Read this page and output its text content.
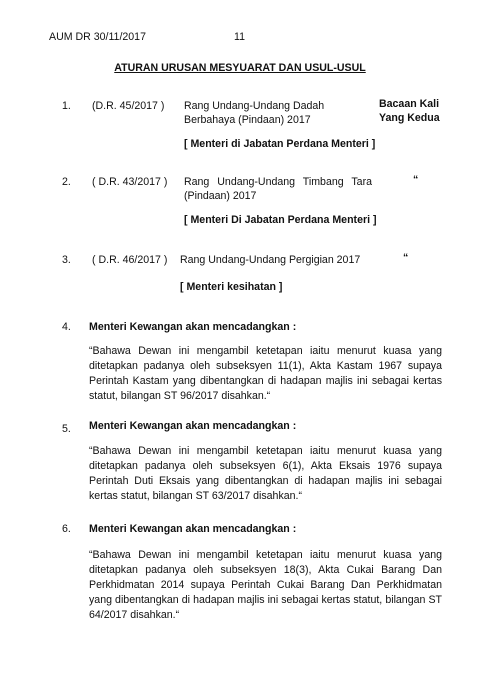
AUM DR 30/11/2017	11
ATURAN URUSAN MESYUARAT DAN USUL-USUL
1. (D.R. 45/2017 ) Rang Undang-Undang Dadah Berbahaya (Pindaan) 2017
Bacaan Kali Yang Kedua
[ Menteri di Jabatan Perdana Menteri ]
2. ( D.R. 43/2017 ) Rang Undang-Undang Timbang Tara (Pindaan) 2017
“
[ Menteri Di Jabatan Perdana Menteri ]
3. ( D.R. 46/2017 ) Rang Undang-Undang Pergigian 2017	“
[ Menteri kesihatan ]
4. Menteri Kewangan akan mencadangkan :
“Bahawa Dewan ini mengambil ketetapan iaitu menurut kuasa yang ditetapkan padanya oleh subseksyen 11(1), Akta Kastam 1967 supaya Perintah Kastam yang dibentangkan di hadapan majlis ini sebagai kertas statut, bilangan ST 96/2017 disahkan.“
5. Menteri Kewangan akan mencadangkan :
“Bahawa Dewan ini mengambil ketetapan iaitu menurut kuasa yang ditetapkan padanya oleh subseksyen 6(1), Akta Eksais 1976 supaya Perintah Duti Eksais yang dibentangkan di hadapan majlis ini sebagai kertas statut, bilangan ST 63/2017 disahkan.“
6. Menteri Kewangan akan mencadangkan :
“Bahawa Dewan ini mengambil ketetapan iaitu menurut kuasa yang ditetapkan padanya oleh subseksyen 18(3), Akta Cukai Barang Dan Perkhidmatan 2014 supaya Perintah Cukai Barang Dan Perkhidmatan yang dibentangkan di hadapan majlis ini sebagai kertas statut, bilangan ST 64/2017 disahkan.“
